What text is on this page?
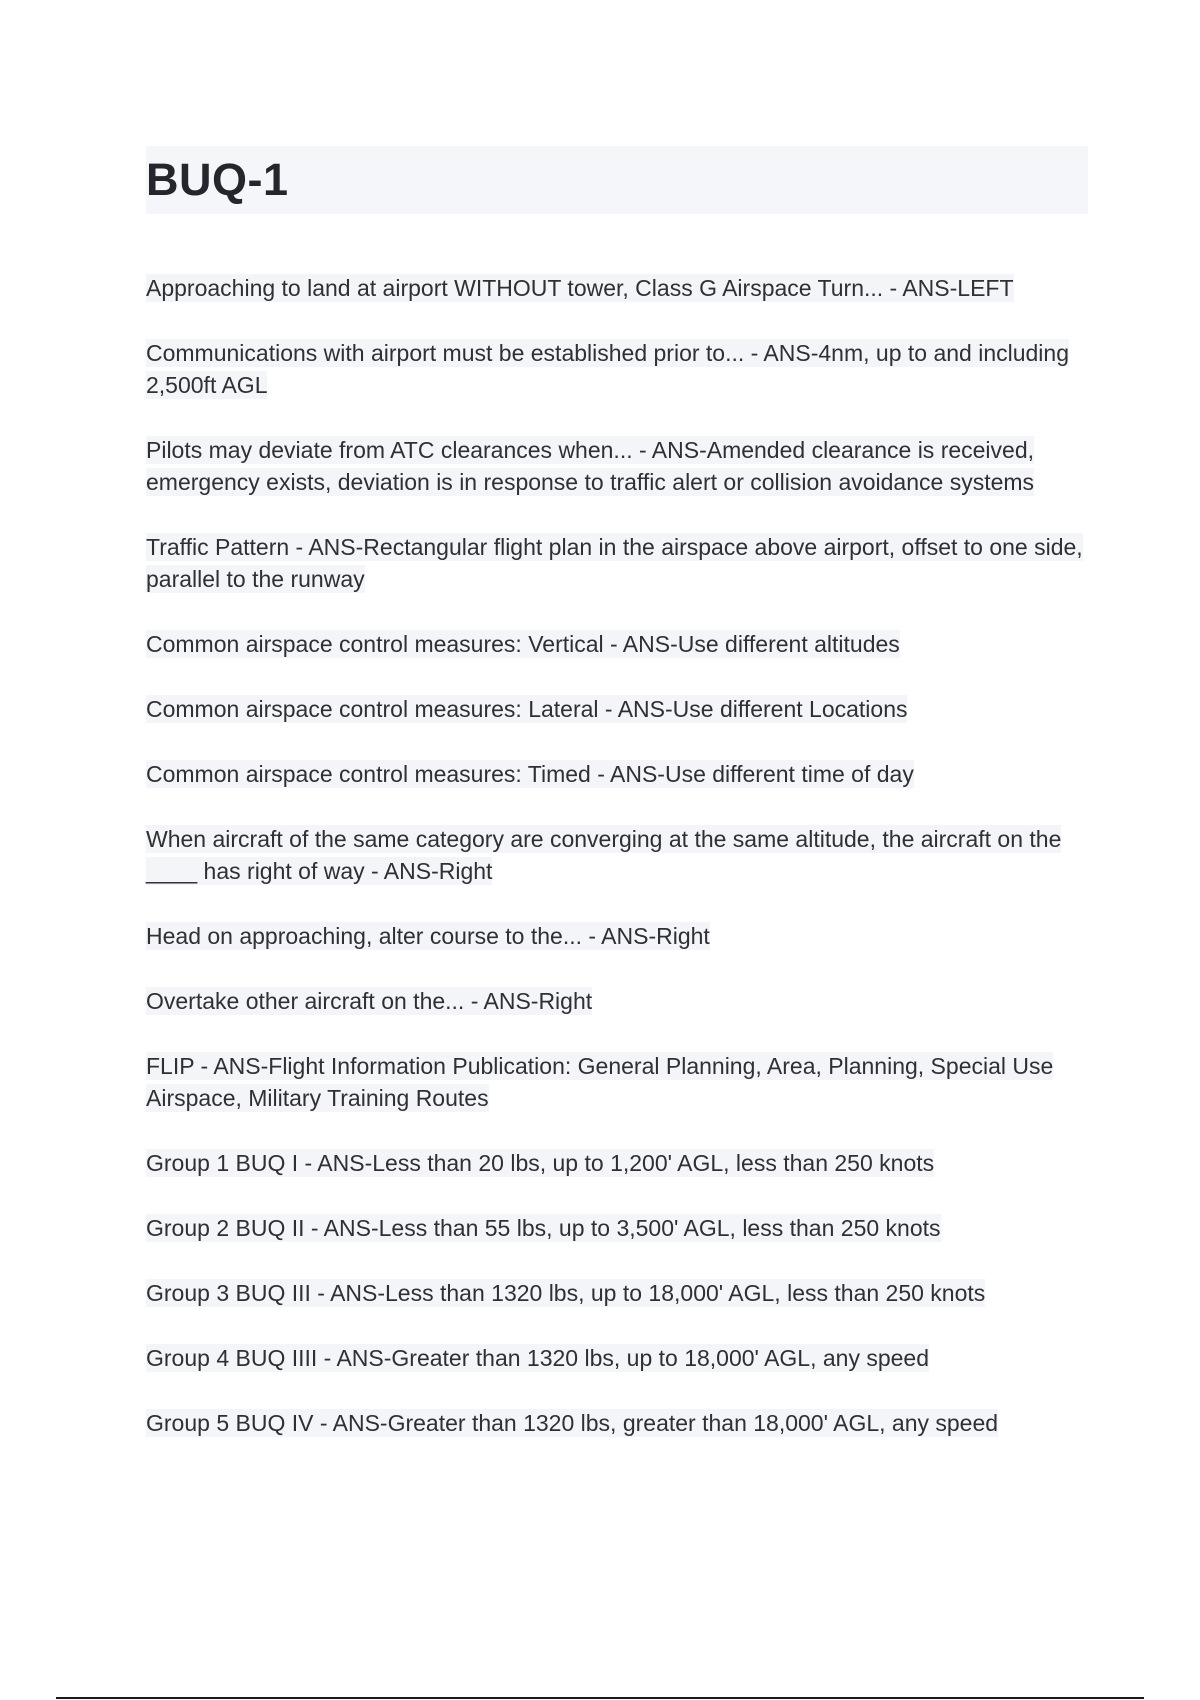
BUQ-1

Approaching to land at airport WITHOUT tower, Class G Airspace Turn... - ANS-LEFT

Communications with airport must be established prior to... - ANS-4nm, up to and including 2,500ft AGL

Pilots may deviate from ATC clearances when... - ANS-Amended clearance is received, emergency exists, deviation is in response to traffic alert or collision avoidance systems

Traffic Pattern - ANS-Rectangular flight plan in the airspace above airport, offset to one side, parallel to the runway

Common airspace control measures: Vertical - ANS-Use different altitudes

Common airspace control measures: Lateral - ANS-Use different Locations

Common airspace control measures: Timed - ANS-Use different time of day

When aircraft of the same category are converging at the same altitude, the aircraft on the ____ has right of way - ANS-Right

Head on approaching, alter course to the... - ANS-Right

Overtake other aircraft on the... - ANS-Right

FLIP - ANS-Flight Information Publication: General Planning, Area, Planning, Special Use Airspace, Military Training Routes

Group 1 BUQ I - ANS-Less than 20 lbs, up to 1,200' AGL, less than 250 knots

Group 2 BUQ II - ANS-Less than 55 lbs, up to 3,500' AGL, less than 250 knots

Group 3 BUQ III - ANS-Less than 1320 lbs, up to 18,000' AGL, less than 250 knots

Group 4 BUQ IIII - ANS-Greater than 1320 lbs, up to 18,000' AGL, any speed

Group 5 BUQ IV - ANS-Greater than 1320 lbs, greater than 18,000' AGL, any speed
